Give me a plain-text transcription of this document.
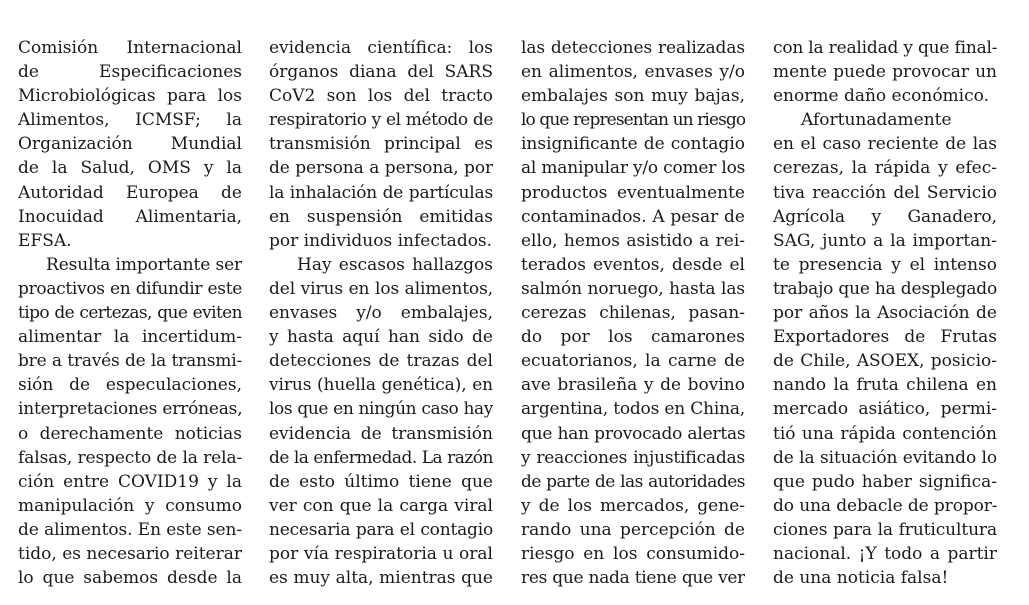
Comisión Internacional
de Especificaciones
Microbiológicas para los
Alimentos, ICMSF; la
Organización Mundial
de la Salud, OMS y la
Autoridad Europea de
Inocuidad Alimentaria,
EFSA.
Resulta importante ser
proactivos en difundir este
tipo de certezas, que eviten
alimentar la incertidum-
bre a través de la transmi-
sión de especulaciones,
interpretaciones erróneas,
o derechamente noticias
falsas, respecto de la rela-
ción entre COVID19 y la
manipulación y consumo
de alimentos. En este sen-
tido, es necesario reiterar
lo que sabemos desde la
evidencia científica: los
órganos diana del SARS
CoV2 son los del tracto
respiratorio y el método de
transmisión principal es
de persona a persona, por
la inhalación de partículas
en suspensión emitidas
por individuos infectados.
Hay escasos hallazgos
del virus en los alimentos,
envases y/o embalajes,
y hasta aquí han sido de
detecciones de trazas del
virus (huella genética), en
los que en ningún caso hay
evidencia de transmisión
de la enfermedad. La razón
de esto último tiene que
ver con que la carga viral
necesaria para el contagio
por vía respiratoria u oral
es muy alta, mientras que
las detecciones realizadas
en alimentos, envases y/o
embalajes son muy bajas,
lo que representan un riesgo
insignificante de contagio
al manipular y/o comer los
productos eventualmente
contaminados. A pesar de
ello, hemos asistido a rei-
terados eventos, desde el
salmón noruego, hasta las
cerezas chilenas, pasan-
do por los camarones
ecuatorianos, la carne de
ave brasileña y de bovino
argentina, todos en China,
que han provocado alertas
y reacciones injustificadas
de parte de las autoridades
y de los mercados, gene-
rando una percepción de
riesgo en los consumido-
res que nada tiene que ver
con la realidad y que final-
mente puede provocar un
enorme daño económico.
Afortunadamente
en el caso reciente de las
cerezas, la rápida y efec-
tiva reacción del Servicio
Agrícola y Ganadero,
SAG, junto a la importan-
te presencia y el intenso
trabajo que ha desplegado
por años la Asociación de
Exportadores de Frutas
de Chile, ASOEX, posicio-
nando la fruta chilena en
mercado asiático, permi-
tió una rápida contención
de la situación evitando lo
que pudo haber significa-
do una debacle de propor-
ciones para la fruticultura
nacional. ¡Y todo a partir
de una noticia falsa!
